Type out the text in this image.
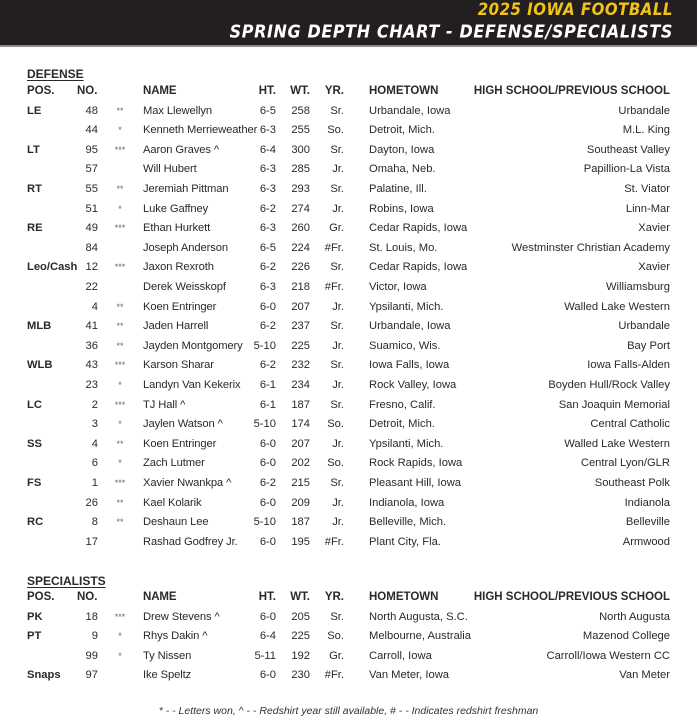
2025 IOWA FOOTBALL
SPRING DEPTH CHART - DEFENSE/SPECIALISTS
DEFENSE
POS. NO.	NAME	HT.	WT.	YR. HOMETOWN	HIGH SCHOOL/PREVIOUS SCHOOL
LE	48	**	Max Llewellyn	6-5	258	Sr. Urbandale, Iowa	Urbandale
44	*	Kenneth Merrieweather 6-3	255	So. Detroit, Mich.	M.L. King
LT	95	***	Aaron Graves ^	6-4	300	Sr. Dayton, Iowa	Southeast Valley
57	Will Hubert	6-3	285	Jr. Omaha, Neb.	Papillion-La Vista
RT	55	**	Jeremiah Pittman	6-3	293	Sr. Palatine, Ill.	St. Viator
51	*	Luke Gaffney	6-2	274	Jr. Robins, Iowa	Linn-Mar
RE	49	***	Ethan Hurkett	6-3	260	Gr. Cedar Rapids, Iowa	Xavier
84	Joseph Anderson	6-5	224	#Fr. St. Louis, Mo.	Westminster Christian Academy
Leo/Cash 12	***	Jaxon Rexroth	6-2	226	Sr. Cedar Rapids, Iowa	Xavier
22	Derek Weisskopf	6-3	218	#Fr. Victor, Iowa	Williamsburg
4	**	Koen Entringer	6-0	207	Jr. Ypsilanti, Mich.	Walled Lake Western
MLB	41	**	Jaden Harrell	6-2	237	Sr. Urbandale, Iowa	Urbandale
36	**	Jayden Montgomery 5-10	225	Jr. Suamico, Wis.	Bay Port
WLB	43	***	Karson Sharar	6-2	232	Sr. Iowa Falls, Iowa	Iowa Falls-Alden
23	*	Landyn Van Kekerix	6-1	234	Jr. Rock Valley, Iowa	Boyden Hull/Rock Valley
LC	2	***	TJ Hall ^	6-1	187	Sr. Fresno, Calif.	San Joaquin Memorial
3	*	Jaylen Watson ^	5-10	174	So. Detroit, Mich.	Central Catholic
SS	4	**	Koen Entringer	6-0	207	Jr. Ypsilanti, Mich.	Walled Lake Western
6	*	Zach Lutmer	6-0	202	So. Rock Rapids, Iowa	Central Lyon/GLR
FS	1	***	Xavier Nwankpa ^	6-2	215	Sr. Pleasant Hill, Iowa	Southeast Polk
26	**	Kael Kolarik	6-0	209	Jr. Indianola, Iowa	Indianola
RC	8	**	Deshaun Lee	5-10	187	Jr. Belleville, Mich.	Belleville
17	Rashad Godfrey Jr.	6-0	195	#Fr. Plant City, Fla.	Armwood
SPECIALISTS
POS. NO.	NAME	HT.	WT.	YR. HOMETOWN	HIGH SCHOOL/PREVIOUS SCHOOL
PK	18	***	Drew Stevens ^	6-0	205	Sr. North Augusta, S.C.	North Augusta
PT	9	*	Rhys Dakin ^	6-4	225	So. Melbourne, Australia	Mazenod College
99	*	Ty Nissen	5-11	192	Gr. Carroll, Iowa	Carroll/Iowa Western CC
Snaps	97	Ike Speltz	6-0	230	#Fr. Van Meter, Iowa	Van Meter
* - - Letters won, ^ - - Redshirt year still available, # - - Indicates redshirt freshman
